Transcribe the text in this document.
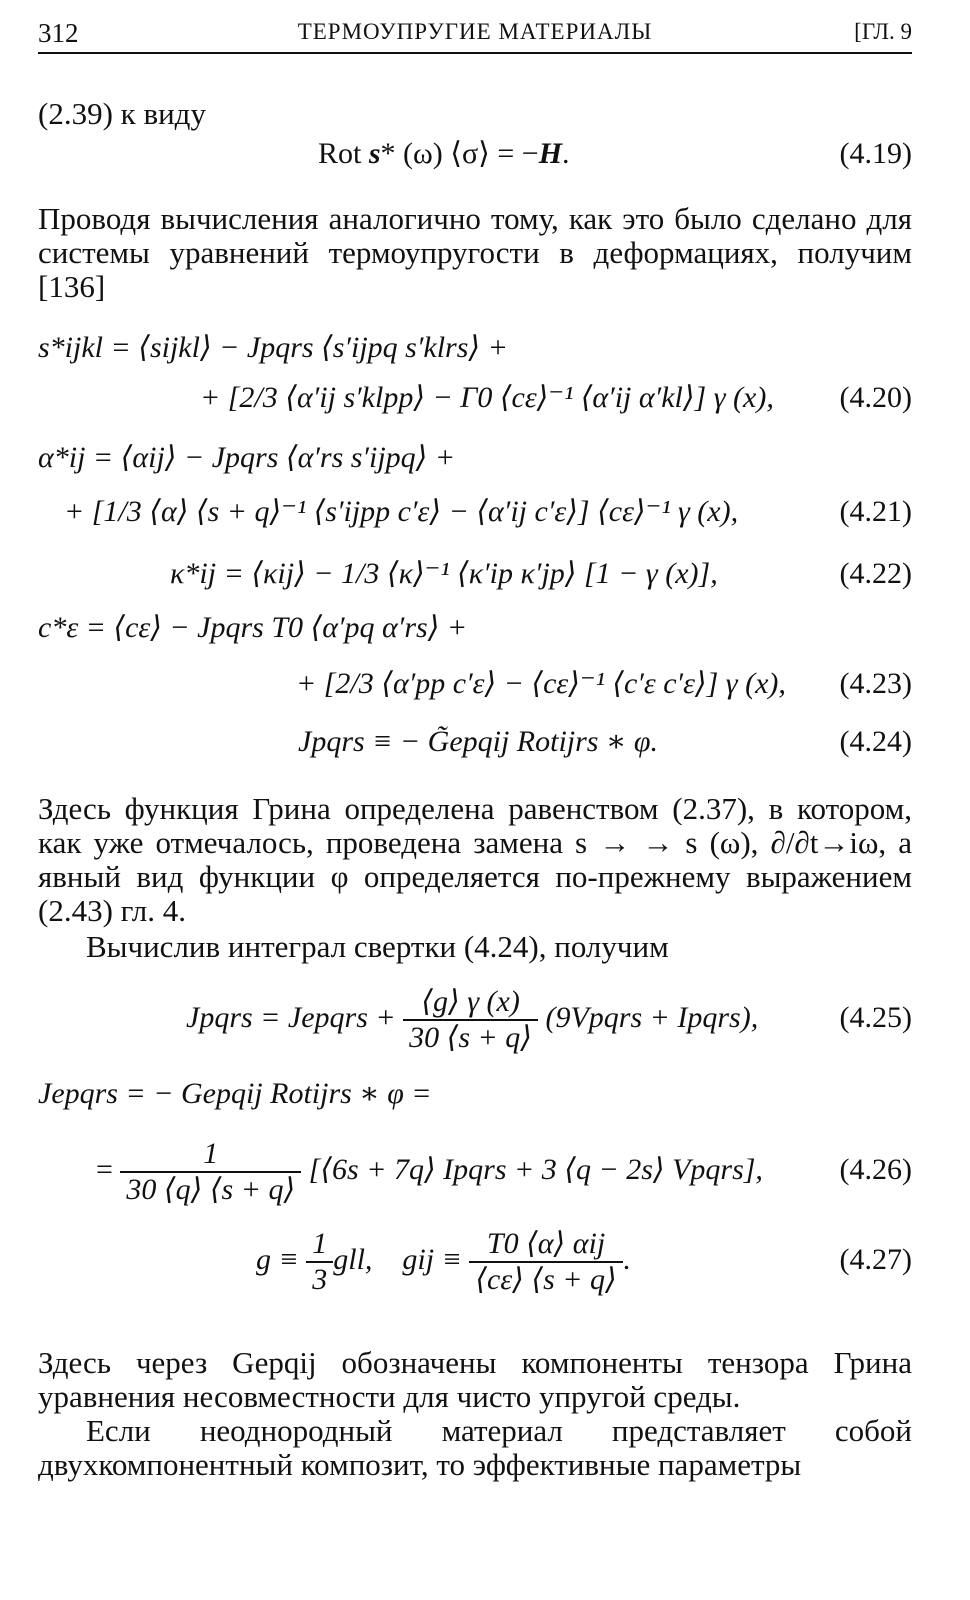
312	ТЕРМОУПРУГИЕ МАТЕРИАЛЫ	[ГЛ. 9
(2.39) к виду
Rot s* (ω) ⟨σ⟩ = −H.	(4.19)
Проводя вычисления аналогично тому, как это было сделано для системы уравнений термоупругости в деформациях, получим [136]
s*ijkl = ⟨sijkl⟩ − Jpqrs ⟨s′ijpq s′klrs⟩ +
+ [2/3 ⟨α′ij s′klpp⟩ − Γ0 ⟨cε⟩⁻¹ ⟨α′ij α′kl⟩] γ (x), (4.20)
α*ij = ⟨αij⟩ − Jpqrs ⟨α′rs s′ijpq⟩ +
+ [1/3 ⟨α⟩ ⟨s + q⟩⁻¹ ⟨s′ijpp c′ε⟩ − ⟨α′ij c′ε⟩] ⟨cε⟩⁻¹ γ (x),	(4.21)
κ*ij = ⟨κij⟩ − 1/3 ⟨κ⟩⁻¹ ⟨κ′ip κ′jp⟩ [1 − γ (x)],	(4.22)
c*ε = ⟨cε⟩ − Jpqrs T0 ⟨α′pq α′rs⟩ +
+ [2/3 ⟨α′pp c′ε⟩ − ⟨cε⟩⁻¹ ⟨c′ε c′ε⟩] γ (x), (4.23)
Jpqrs ≡ − G̃epqij Rotijrs ∗ φ.	(4.24)
Здесь функция Грина определена равенством (2.37), в котором, как уже отмечалось, проведена замена s → → s (ω), ∂/∂t→iω, а явный вид функции φ определяется по-прежнему выражением (2.43) гл. 4.
Вычислив интеграл свертки (4.24), получим
Jpqrs = Jepqrs + $\frac{⟨g⟩ \gamma (x)}{30 ⟨s + q⟩}$ (9Vpqrs + Ipqrs),	(4.25)
Jepqrs = − Gepqij Rotijrs ∗ φ =
= $\frac{1}{30 ⟨q⟩ ⟨s + q⟩}$ [⟨6s + 7q⟩ Ipqrs + 3 ⟨q − 2s⟩ Vpqrs],	(4.26)
$g \equiv \frac{1}{3}$ gll, gij ≡ $\frac{\text{T0 ⟨α⟩ αij}}{⟨c\varepsilon⟩ ⟨s + q⟩}$ .	(4.27)
Здесь через Gepqij обозначены компоненты тензора Грина уравнения несовместности для чисто упругой среды.
Если неоднородный материал представляет собой двухкомпонентный композит, то эффективные параметры
